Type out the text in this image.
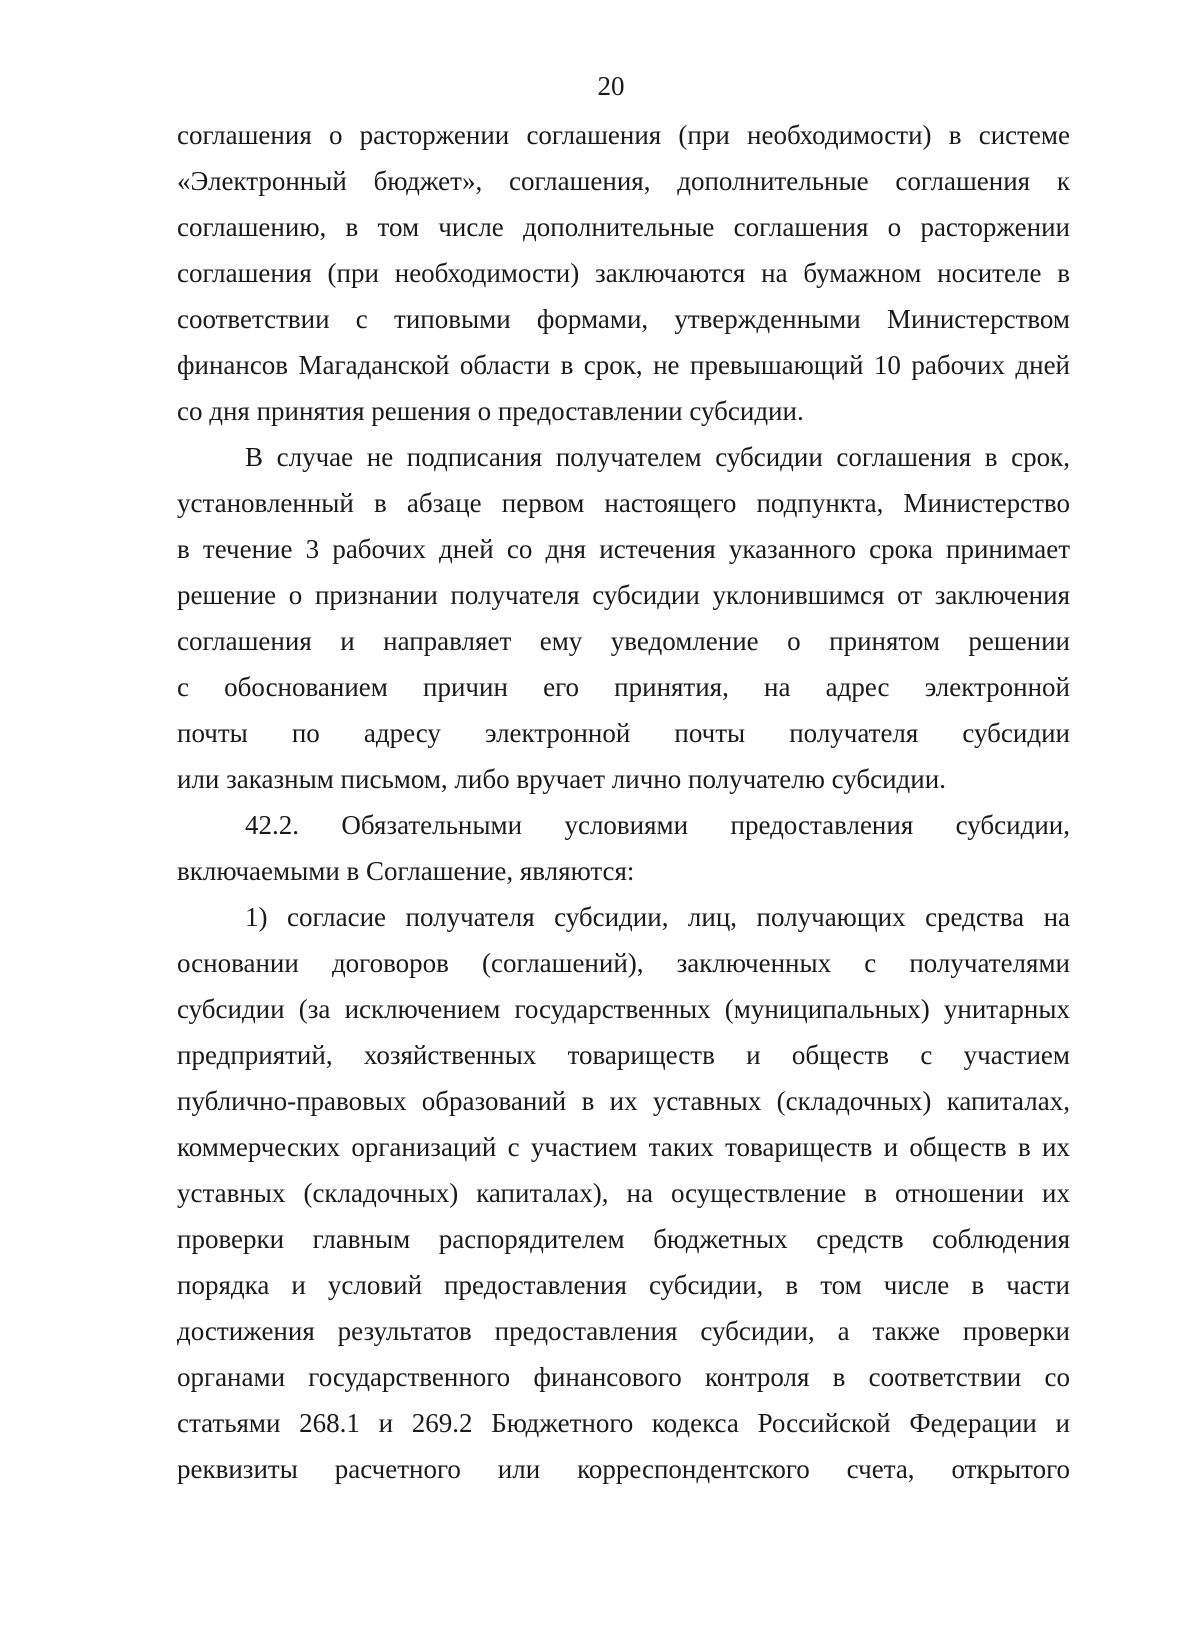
20
соглашения о расторжении соглашения (при необходимости) в системе
«Электронный бюджет», соглашения, дополнительные соглашения к
соглашению, в том числе дополнительные соглашения о расторжении
соглашения (при необходимости) заключаются на бумажном носителе в
соответствии с типовыми формами, утвержденными Министерством
финансов Магаданской области в срок, не превышающий 10 рабочих дней
со дня принятия решения о предоставлении субсидии.
В случае не подписания получателем субсидии соглашения в срок,
установленный в абзаце первом настоящего подпункта, Министерство
в течение 3 рабочих дней со дня истечения указанного срока принимает
решение о признании получателя субсидии уклонившимся от заключения
соглашения и направляет ему уведомление о принятом решении
с обоснованием причин его принятия, на адрес электронной
почты по адресу электронной почты получателя субсидии
или заказным письмом, либо вручает лично получателю субсидии.
42.2. Обязательными условиями предоставления субсидии,
включаемыми в Соглашение, являются:
1) согласие получателя субсидии, лиц, получающих средства на
основании договоров (соглашений), заключенных с получателями
субсидии (за исключением государственных (муниципальных) унитарных
предприятий, хозяйственных товариществ и обществ с участием
публично-правовых образований в их уставных (складочных) капиталах,
коммерческих организаций с участием таких товариществ и обществ в их
уставных (складочных) капиталах), на осуществление в отношении их
проверки главным распорядителем бюджетных средств соблюдения
порядка и условий предоставления субсидии, в том числе в части
достижения результатов предоставления субсидии, а также проверки
органами государственного финансового контроля в соответствии со
статьями 268.1 и 269.2 Бюджетного кодекса Российской Федерации и
реквизиты расчетного или корреспондентского счета, открытого
